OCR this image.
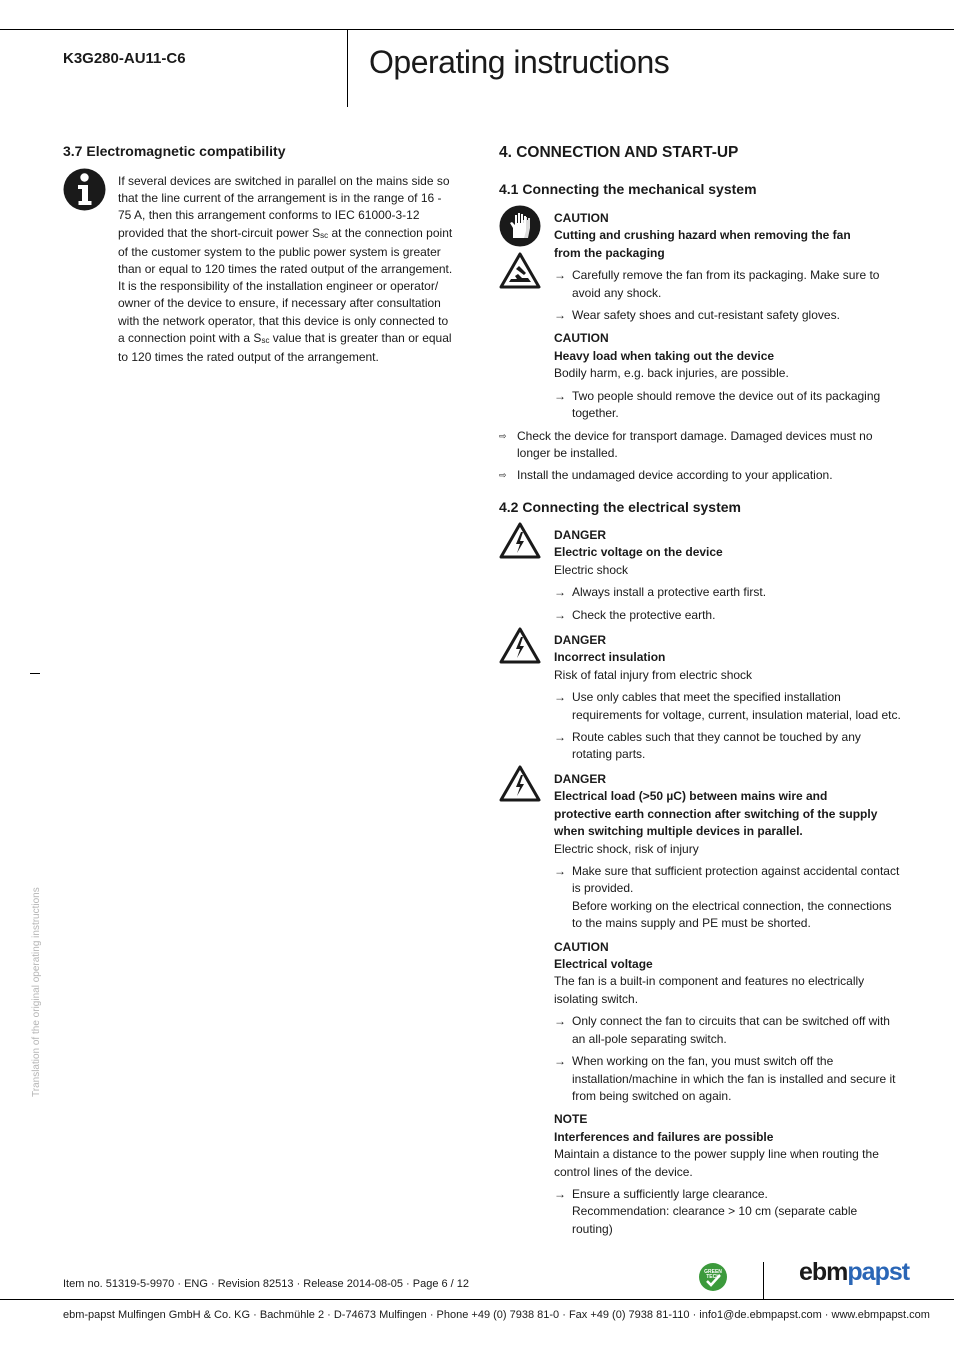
K3G280-AU11-C6	Operating instructions
3.7 Electromagnetic compatibility

If several devices are switched in parallel on the mains side so that the line current of the arrangement is in the range of 16 - 75 A, then this arrangement conforms to IEC 61000-3-12 provided that the short-circuit power $S_{sc}$ at the connection point of the customer system to the public power system is greater than or equal to 120 times the rated output of the arrangement.

It is the responsibility of the installation engineer or operator/ owner of the device to ensure, if necessary after consultation with the network operator, that this device is only connected to a connection point with a $S_{sc}$ value that is greater than or equal to 120 times the rated output of the arrangement.

Translation of the original operating instructions
4. CONNECTION AND START-UP
4.1 Connecting the mechanical system
CAUTION
Cutting and crushing hazard when removing the fan from the packaging
→ Carefully remove the fan from its packaging. Make sure to avoid any shock.
→ Wear safety shoes and cut-resistant safety gloves.
CAUTION
Heavy load when taking out the device
Bodily harm, e.g. back injuries, are possible.
→ Two people should remove the device out of its packaging together.
⇨ Check the device for transport damage. Damaged devices must no longer be installed.
⇨ Install the undamaged device according to your application.
4.2 Connecting the electrical system
DANGER
Electric voltage on the device
Electric shock
→ Always install a protective earth first.
→ Check the protective earth.
DANGER
Incorrect insulation
Risk of fatal injury from electric shock
→ Use only cables that meet the specified installation requirements for voltage, current, insulation material, load etc.
→ Route cables such that they cannot be touched by any rotating parts.
DANGER
Electrical load (>50 µC) between mains wire and protective earth connection after switching of the supply when switching multiple devices in parallel.
Electric shock, risk of injury
→ Make sure that sufficient protection against accidental contact is provided.
Before working on the electrical connection, the connections to the mains supply and PE must be shorted.
CAUTION
Electrical voltage
The fan is a built-in component and features no electrically isolating switch.
→ Only connect the fan to circuits that can be switched off with an all-pole separating switch.
→ When working on the fan, you must switch off the installation/machine in which the fan is installed and secure it from being switched on again.
NOTE
Interferences and failures are possible
Maintain a distance to the power supply line when routing the control lines of the device.
→ Ensure a sufficiently large clearance.
Recommendation: clearance > 10 cm (separate cable routing)
Item no. 51319-5-9970 · ENG · Revision 82513 · Release 2014-08-05 · Page 6 / 12
GREEN
TECH	ebmpapst
ebm-papst Mulfingen GmbH & Co. KG · Bachmühle 2 · D-74673 Mulfingen · Phone +49 (0) 7938 81-0 · Fax +49 (0) 7938 81-110 · info1@de.ebmpapst.com · www.ebmpapst.com
